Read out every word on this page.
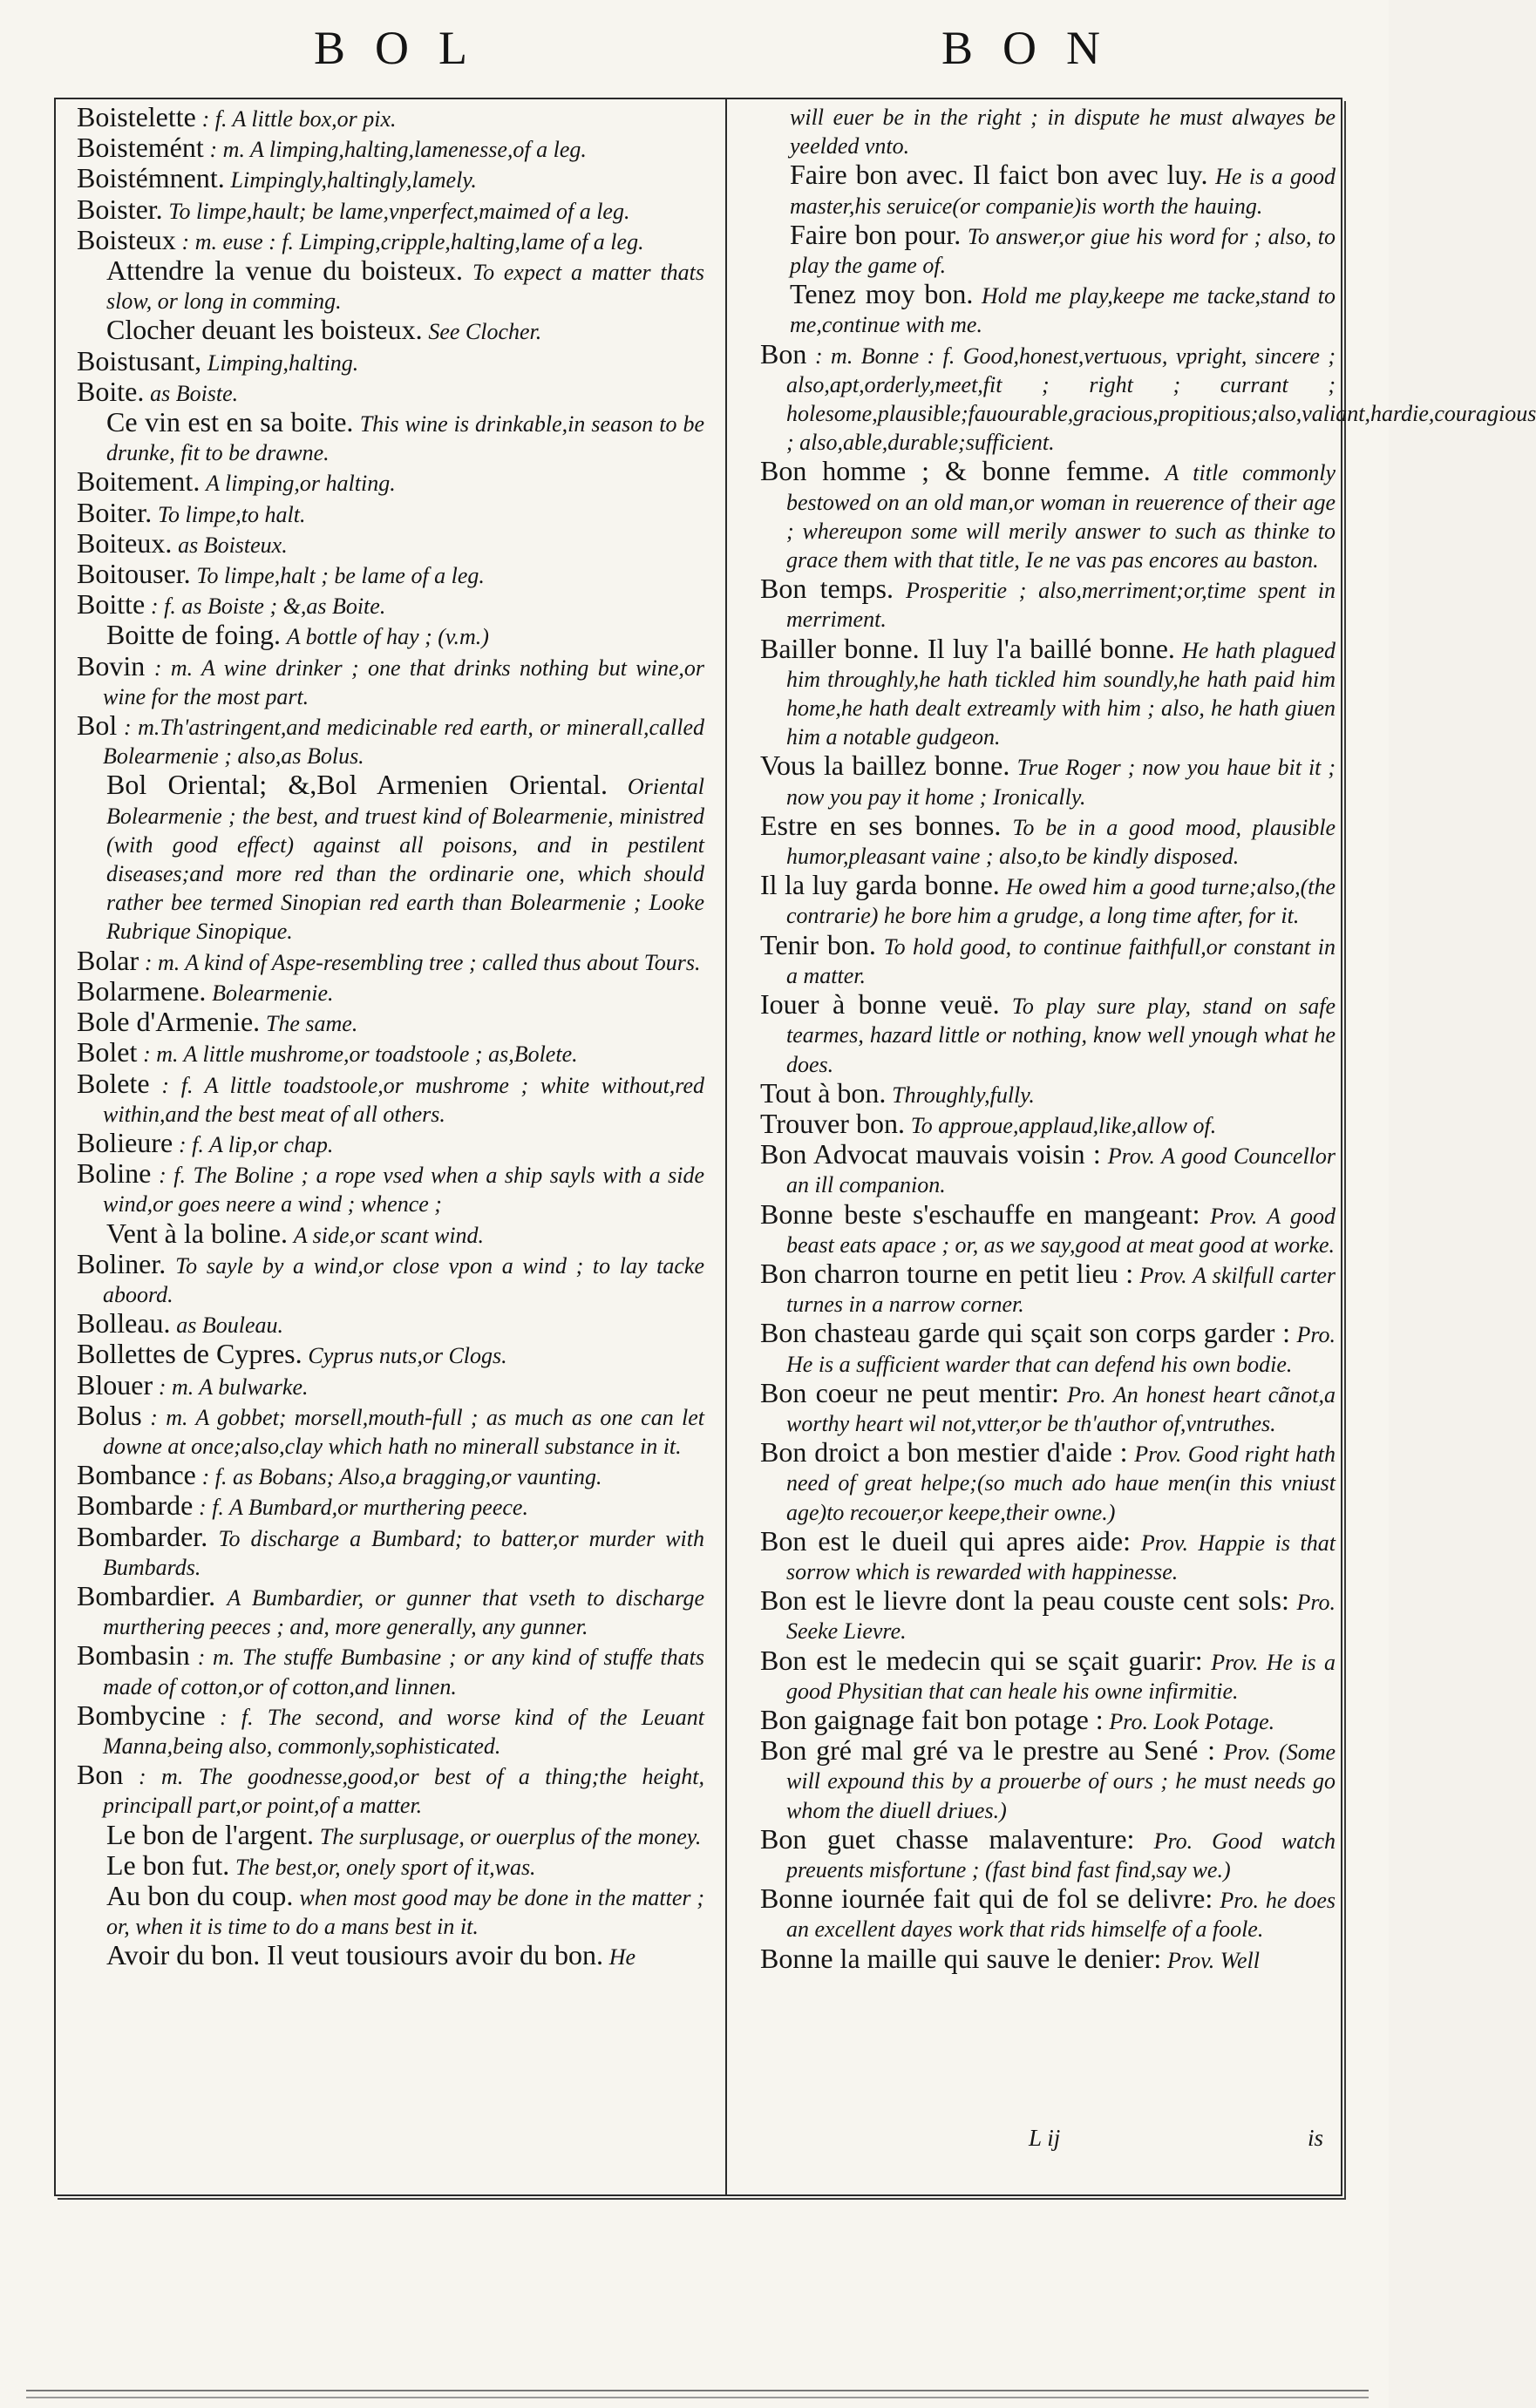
BOL	BON

Boistelette : f. A little box,or pix.

Boistemént : m. A limping,halting,lamenesse,of a leg.

Boistémnent. Limpingly,haltingly,lamely.

Boister. To limpe,hault; be lame,vnperfect,maimed of a leg.

Boisteux : m. euse : f. Limping,cripple,halting,lame of a leg.

Attendre la venue du boisteux. To expect a matter thats slow, or long in comming.

Clocher deuant les boisteux. See Clocher.

Boistusant, Limping,halting.

Boite. as Boiste.

Ce vin est en sa boite. This wine is drinkable,in season to be drunke, fit to be drawne.

Boitement. A limping,or halting.

Boiter. To limpe,to halt.

Boiteux. as Boisteux.

Boitouser. To limpe,halt ; be lame of a leg.

Boitte : f. as Boiste ; &,as Boite.

Boitte de foing. A bottle of hay ; (v.m.)

Bovin : m. A wine drinker ; one that drinks nothing but wine,or wine for the most part.

Bol : m.Th'astringent,and medicinable red earth, or minerall,called Bolearmenie ; also,as Bolus.

Bol Oriental; &,Bol Armenien Oriental. Oriental Bolearmenie ; the best, and truest kind of Bolearmenie, ministred (with good effect) against all poisons, and in pestilent diseases;and more red than the ordinarie one, which should rather bee termed Sinopian red earth than Bolearmenie ; Looke Rubrique Sinopique.

Bolar : m. A kind of Aspe-resembling tree ; called thus about Tours.

Bolarmene. Bolearmenie.

Bole d'Armenie. The same.

Bolet : m. A little mushrome,or toadstoole ; as,Bolete.

Bolete : f. A little toadstoole,or mushrome ; white without,red within,and the best meat of all others.

Bolieure : f. A lip,or chap.

Boline : f. The Boline ; a rope vsed when a ship sayls with a side wind,or goes neere a wind ; whence ;

Vent à la boline. A side,or scant wind.

Boliner. To sayle by a wind,or close vpon a wind ; to lay tacke aboord.

Bolleau. as Bouleau.

Bollettes de Cypres. Cyprus nuts,or Clogs.

Blouer : m. A bulwarke.

Bolus : m. A gobbet; morsell,mouth-full ; as much as one can let downe at once;also,clay which hath no minerall substance in it.

Bombance : f. as Bobans; Also,a bragging,or vaunting.

Bombarde : f. A Bumbard,or murthering peece.

Bombarder. To discharge a Bumbard; to batter,or murder with Bumbards.

Bombardier. A Bumbardier, or gunner that vseth to discharge murthering peeces ; and, more generally, any gunner.

Bombasin : m. The stuffe Bumbasine ; or any kind of stuffe thats made of cotton,or of cotton,and linnen.

Bombycine : f. The second, and worse kind of the Leuant Manna,being also, commonly,sophisticated.

Bon : m. The goodnesse,good,or best of a thing;the height, principall part,or point,of a matter.

Le bon de l'argent. The surplusage, or ouerplus of the money.

Le bon fut. The best,or, onely sport of it,was.

Au bon du coup. when most good may be done in the matter ; or, when it is time to do a mans best in it.

Avoir du bon. Il veut tousiours avoir du bon. He

will euer be in the right ; in dispute he must alwayes be yeelded vnto.

Faire bon avec. Il faict bon avec luy. He is a good master,his seruice(or companie)is worth the hauing.

Faire bon pour. To answer,or giue his word for ; also, to play the game of.

Tenez moy bon. Hold me play,keepe me tacke,stand to me,continue with me.

Bon : m. Bonne : f. Good,honest,vertuous, vpright, sincere ; also,apt,orderly,meet,fit ; right ; currant ; holesome,plausible;fauourable,gracious,propitious;also,valiant,hardie,couragious ; also,able,durable;sufficient.

Bon homme ; & bonne femme. A title commonly bestowed on an old man,or woman in reuerence of their age ; whereupon some will merily answer to such as thinke to grace them with that title, Ie ne vas pas encores au baston.

Bon temps. Prosperitie ; also,merriment;or,time spent in merriment.

Bailler bonne. Il luy l'a baillé bonne. He hath plagued him throughly,he hath tickled him soundly,he hath paid him home,he hath dealt extreamly with him ; also, he hath giuen him a notable gudgeon.

Vous la baillez bonne. True Roger ; now you haue bit it ; now you pay it home ; Ironically.

Estre en ses bonnes. To be in a good mood, plausible humor,pleasant vaine ; also,to be kindly disposed.

Il la luy garda bonne. He owed him a good turne;also,(the contrarie) he bore him a grudge, a long time after, for it.

Tenir bon. To hold good, to continue faithfull,or constant in a matter.

Iouer à bonne veuë. To play sure play, stand on safe tearmes, hazard little or nothing, know well ynough what he does.

Tout à bon. Throughly,fully.

Trouver bon. To approue,applaud,like,allow of.

Bon Advocat mauvais voisin : Prov. A good Councellor an ill companion.

Bonne beste s'eschauffe en mangeant: Prov. A good beast eats apace ; or, as we say,good at meat good at worke.

Bon charron tourne en petit lieu : Prov. A skilfull carter turnes in a narrow corner.

Bon chasteau garde qui sçait son corps garder : Pro. He is a sufficient warder that can defend his own bodie.

Bon coeur ne peut mentir: Pro. An honest heart cãnot,a worthy heart wil not,vtter,or be th'author of,vntruthes.

Bon droict a bon mestier d'aide : Prov. Good right hath need of great helpe;(so much ado haue men(in this vniust age)to recouer,or keepe,their owne.)

Bon est le dueil qui apres aide: Prov. Happie is that sorrow which is rewarded with happinesse.

Bon est le lievre dont la peau couste cent sols: Pro. Seeke Lievre.

Bon est le medecin qui se sçait guarir: Prov. He is a good Physitian that can heale his owne infirmitie.

Bon gaignage fait bon potage : Pro. Look Potage.

Bon gré mal gré va le prestre au Sené : Prov. (Some will expound this by a prouerbe of ours ; he must needs go whom the diuell driues.)

Bon guet chasse malaventure: Pro. Good watch preuents misfortune ; (fast bind fast find,say we.)

Bonne iournée fait qui de fol se delivre: Pro. he does an excellent dayes work that rids himselfe of a foole.

Bonne la maille qui sauve le denier: Prov. Well

L ij	is
